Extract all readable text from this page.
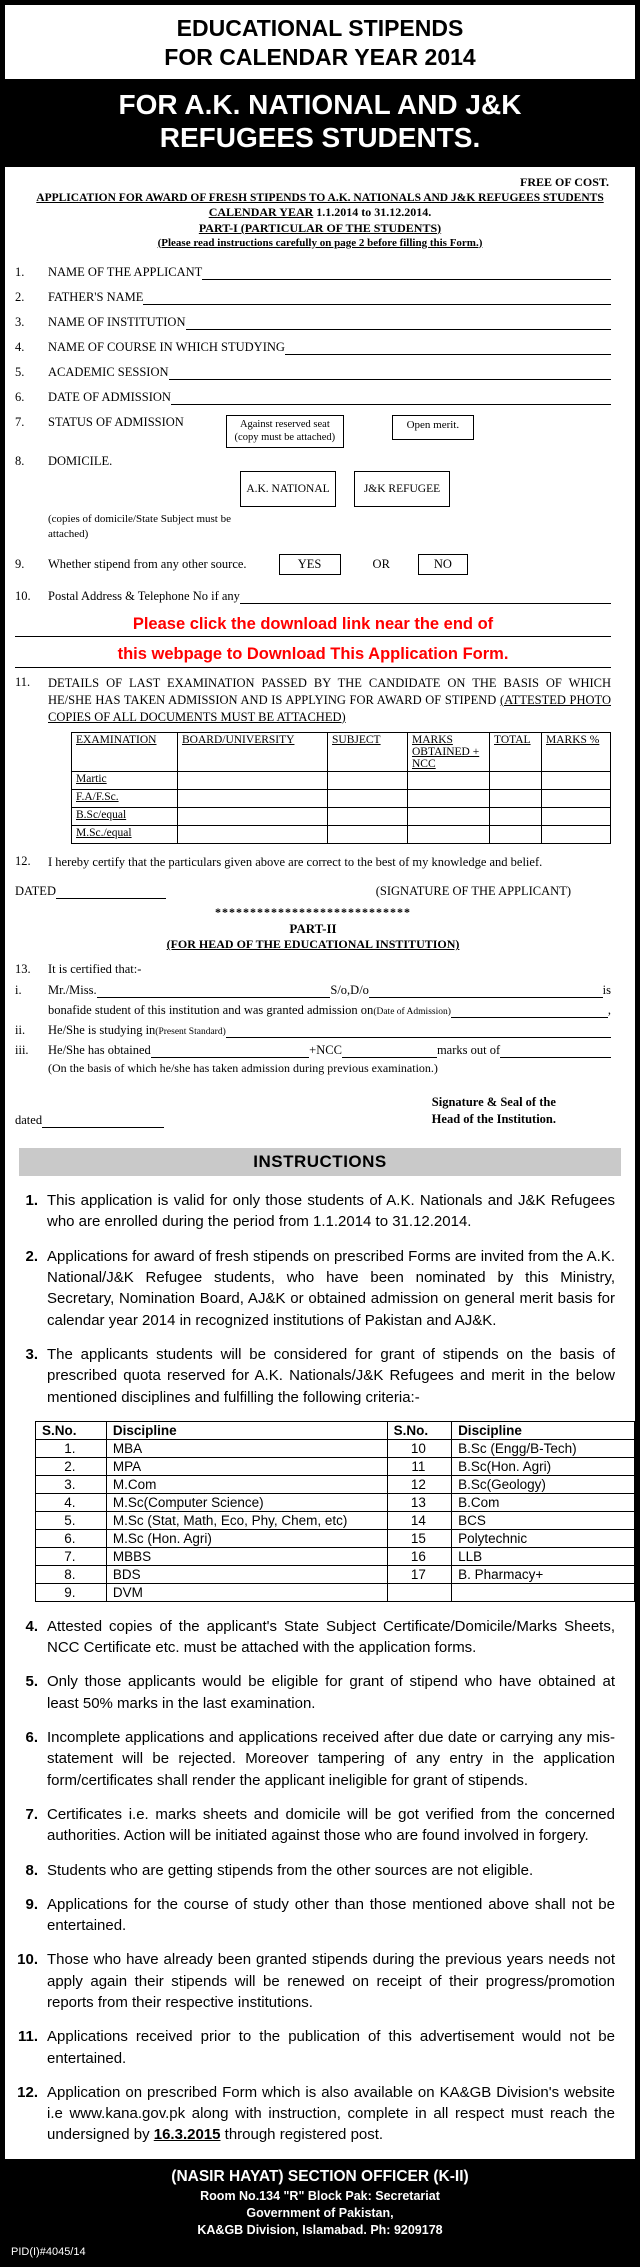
EDUCATIONAL STIPENDS
FOR CALENDAR YEAR 2014
FOR A.K. NATIONAL AND J&K
REFUGEES STUDENTS.
FREE OF COST.
APPLICATION FOR AWARD OF FRESH STIPENDS TO A.K. NATIONALS AND J&K REFUGEES STUDENTS
CALENDAR YEAR 1.1.2014 to 31.12.2014.
PART-I (PARTICULAR OF THE STUDENTS)
(Please read instructions carefully on page 2 before filling this Form.)
1.	NAME OF THE APPLICANT
2.	FATHER'S NAME
3.	NAME OF INSTITUTION
4.	NAME OF COURSE IN WHICH STUDYING
5.	ACADEMIC SESSION
6.	DATE OF ADMISSION
7.	STATUS OF ADMISSION	Against reserved seat
(copy must be attached)
Open merit.
8.	DOMICILE.
A.K. NATIONAL	J&K REFUGEE
(copies of domicile/State Subject must be attached)
9.	Whether stipend from any other source.	YES	OR	NO
10.	Postal Address & Telephone No if any
Please click the download link near the end of
this webpage to Download This Application Form.
11.	DETAILS OF LAST EXAMINATION PASSED BY THE CANDIDATE ON THE BASIS OF WHICH HE/SHE HAS TAKEN ADMISSION AND IS APPLYING FOR AWARD OF STIPEND (ATTESTED PHOTO COPIES OF ALL DOCUMENTS MUST BE ATTACHED)
EXAMINATION	BOARD/UNIVERSITY	SUBJECT	MARKS OBTAINED + NCC	TOTAL	MARKS %
Martic					
F.A/F.Sc.					
B.Sc/equal					
M.Sc./equal					
12.	I hereby certify that the particulars given above are correct to the best of my knowledge and belief.
DATED	(SIGNATURE OF THE APPLICANT)
****************************
PART-II
(FOR HEAD OF THE EDUCATIONAL INSTITUTION)
13.	It is certified that:-
i.	Mr./Miss.	S/o,D/o	is
bonafide student of this institution and was granted admission on (Date of Admission)	,
ii.	He/She is studying in (Present Standard)
iii.	He/She has obtained	+NCC	marks out of
(On the basis of which he/she has taken admission during previous examination.)
dated
Signature & Seal of the
Head of the Institution.
INSTRUCTIONS
1. This application is valid for only those students of A.K. Nationals and J&K Refugees who are enrolled during the period from 1.1.2014 to 31.12.2014.
2. Applications for award of fresh stipends on prescribed Forms are invited from the A.K. National/J&K Refugee students, who have been nominated by this Ministry, Secretary, Nomination Board, AJ&K or obtained admission on general merit basis for calendar year 2014 in recognized institutions of Pakistan and AJ&K.
3. The applicants students will be considered for grant of stipends on the basis of prescribed quota reserved for A.K. Nationals/J&K Refugees and merit in the below mentioned disciplines and fulfilling the following criteria:-
S.No.	Discipline	S.No.	Discipline
1.	MBA	10	B.Sc (Engg/B-Tech)
2.	MPA	11	B.Sc(Hon. Agri)
3.	M.Com	12	B.Sc(Geology)
4.	M.Sc(Computer Science)	13	B.Com
5.	M.Sc (Stat, Math, Eco, Phy, Chem, etc)	14	BCS
6.	M.Sc (Hon. Agri)	15	Polytechnic
7.	MBBS	16	LLB
8.	BDS	17	B. Pharmacy+
9.	DVM		
4. Attested copies of the applicant's State Subject Certificate/Domicile/Marks Sheets, NCC Certificate etc. must be attached with the application forms.
5. Only those applicants would be eligible for grant of stipend who have obtained at least 50% marks in the last examination.
6. Incomplete applications and applications received after due date or carrying any mis-statement will be rejected. Moreover tampering of any entry in the application form/certificates shall render the applicant ineligible for grant of stipends.
7. Certificates i.e. marks sheets and domicile will be got verified from the concerned authorities. Action will be initiated against those who are found involved in forgery.
8. Students who are getting stipends from the other sources are not eligible.
9. Applications for the course of study other than those mentioned above shall not be entertained.
10. Those who have already been granted stipends during the previous years needs not apply again their stipends will be renewed on receipt of their progress/promotion reports from their respective institutions.
11. Applications received prior to the publication of this advertisement would not be entertained.
12. Application on prescribed Form which is also available on KA&GB Division's website i.e www.kana.gov.pk along with instruction, complete in all respect must reach the undersigned by 16.3.2015 through registered post.
(NASIR HAYAT) SECTION OFFICER (K-II)
Room No.134 "R" Block Pak: Secretariat
Government of Pakistan,
KA&GB Division, Islamabad. Ph: 9209178
PID(I)#4045/14
